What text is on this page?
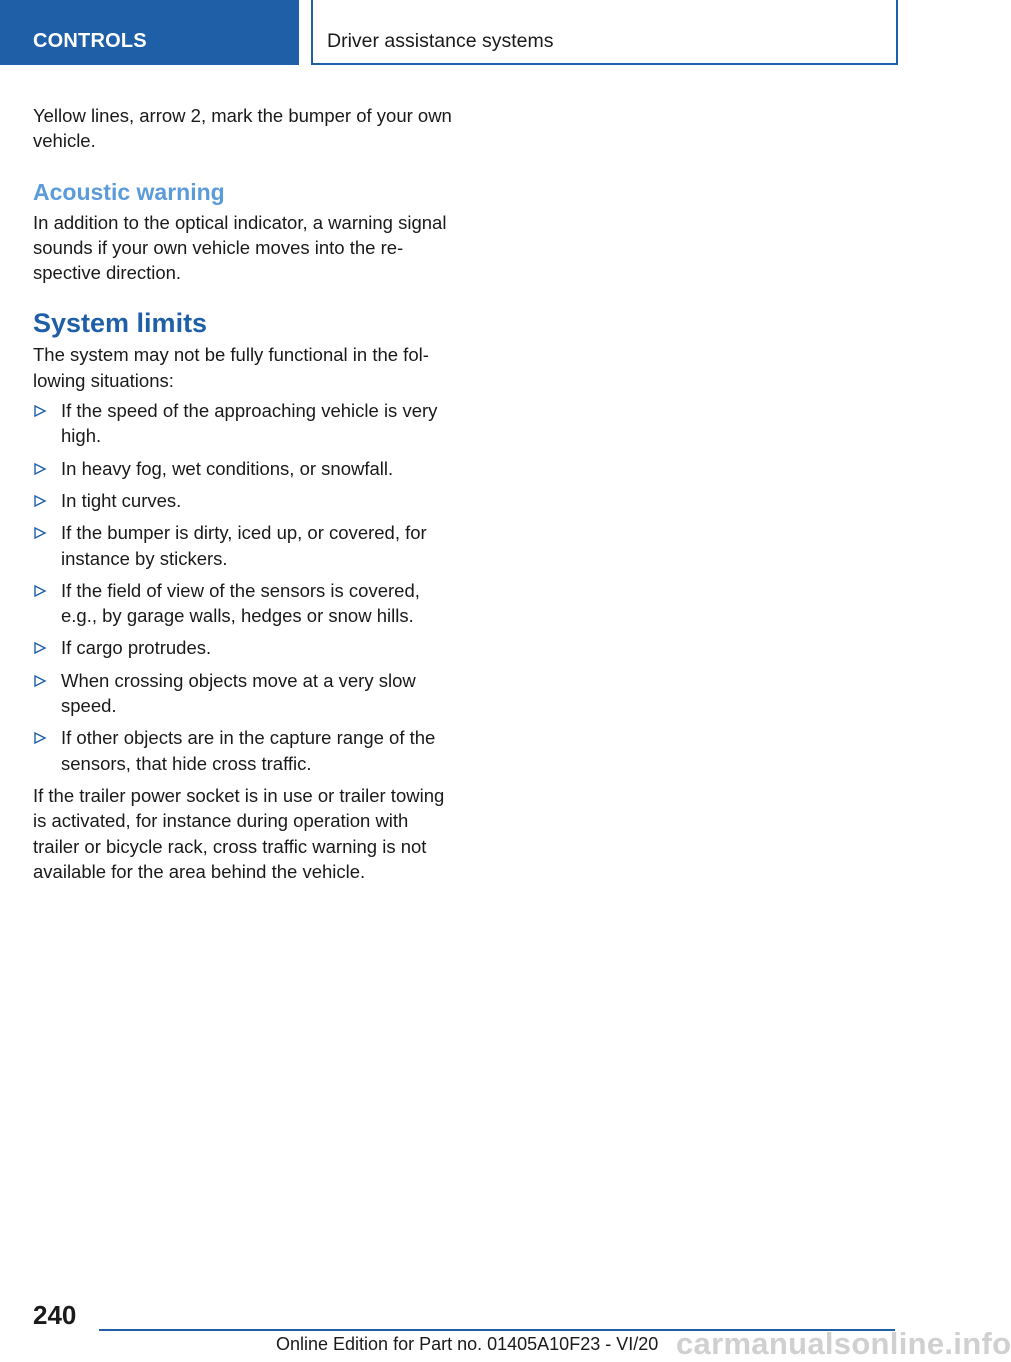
CONTROLS	Driver assistance systems

Yellow lines, arrow 2, mark the bumper of your own vehicle.

Acoustic warning

In addition to the optical indicator, a warning signal sounds if your own vehicle moves into the respective direction.

System limits

The system may not be fully functional in the following situations:

If the speed of the approaching vehicle is very high.
In heavy fog, wet conditions, or snowfall.
In tight curves.
If the bumper is dirty, iced up, or covered, for instance by stickers.
If the field of view of the sensors is covered, e.g., by garage walls, hedges or snow hills.
If cargo protrudes.
When crossing objects move at a very slow speed.
If other objects are in the capture range of the sensors, that hide cross traffic.

If the trailer power socket is in use or trailer towing is activated, for instance during operation with trailer or bicycle rack, cross traffic warning is not available for the area behind the vehicle.

240
Online Edition for Part no. 01405A10F23 - VI/20 carmanualsonline.info
